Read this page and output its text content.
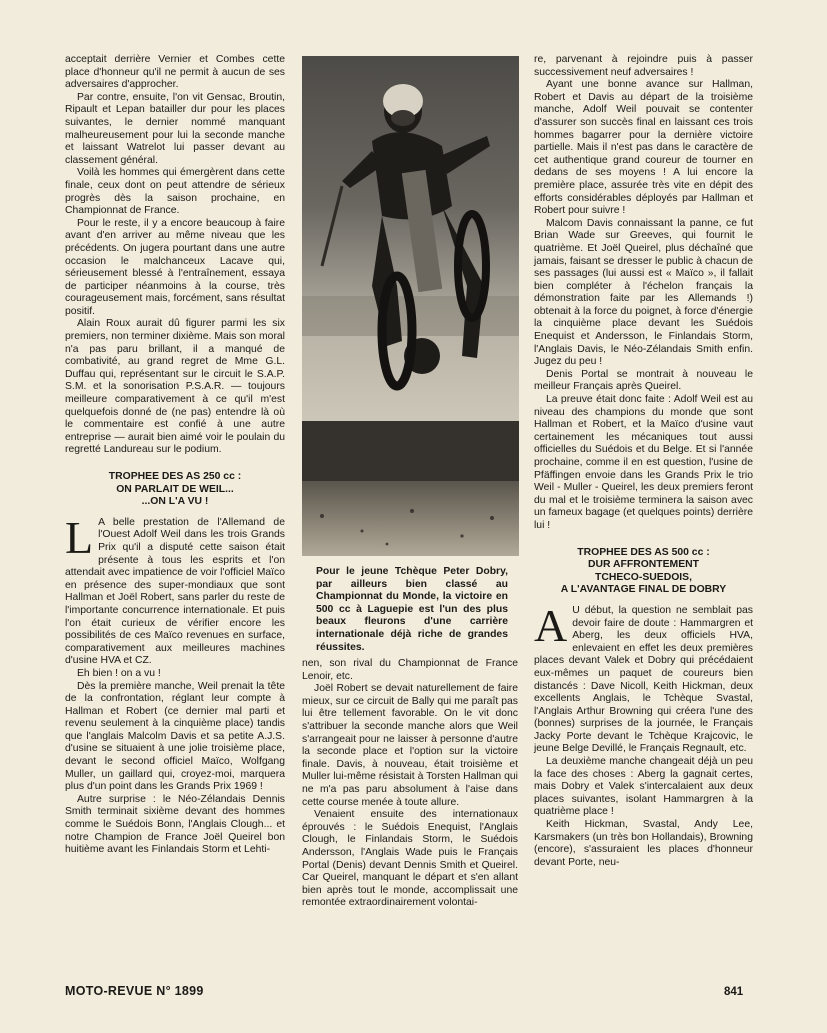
acceptait derrière Vernier et Combes cette place d'honneur qu'il ne permit à aucun de ses adversaires d'approcher.

Par contre, ensuite, l'on vit Gensac, Broutin, Ripault et Lepan batailler dur pour les places suivantes, le dernier nommé manquant malheureusement pour lui la seconde manche et laissant Watrelot lui passer devant au classement général.

Voilà les hommes qui émergèrent dans cette finale, ceux dont on peut attendre de sérieux progrès dès la saison prochaine, en Championnat de France.

Pour le reste, il y a encore beaucoup à faire avant d'en arriver au même niveau que les précédents. On jugera pourtant dans une autre occasion le malchanceux Lacave qui, sérieusement blessé à l'entraînement, essaya de participer néanmoins à la course, très courageusement mais, forcément, sans résultat positif.

Alain Roux aurait dû figurer parmi les six premiers, non terminer dixième. Mais son moral n'a pas paru brillant, il a manqué de combativité, au grand regret de Mme G.L. Duffau qui, représentant sur le circuit le S.A.P. S.M. et la sonorisation P.S.A.R. — toujours meilleure comparativement à ce qu'il m'est quelquefois donné de (ne pas) entendre là où le commentaire est confié à une autre entreprise — aurait bien aimé voir le poulain du regretté Landureau sur le podium.

TROPHEE DES AS 250 cc :
ON PARLAIT DE WEIL...
...ON L'A VU !

L A belle prestation de l'Allemand de l'Ouest Adolf Weil dans les trois Grands Prix qu'il a disputé cette saison était présente à tous les esprits et l'on attendait avec impatience de voir l'officiel Maïco en présence des super-mondiaux que sont Hallman et Joël Robert, sans parler du reste de l'importante concurrence internationale. Et puis l'on était curieux de vérifier encore les possibilités de ces Maïco revenues en surface, comparativement aux meilleures machines d'usine HVA et CZ.

Eh bien ! on a vu !

Dès la première manche, Weil prenait la tête de la confrontation, réglant leur compte à Hallman et Robert (ce dernier mal parti et revenu seulement à la cinquième place) tandis que l'anglais Malcolm Davis et sa petite A.J.S. d'usine se situaient à une jolie troisième place, devant le second officiel Maïco, Wolfgang Muller, un gaillard qui, croyez-moi, marquera plus d'un point dans les Grands Prix 1969 !

Autre surprise : le Néo-Zélandais Dennis Smith terminait sixième devant des hommes comme le Suédois Bonn, l'Anglais Clough... et notre Champion de France Joël Queirel bon huitième avant les Finlandais Storm et Lehti-

Pour le jeune Tchèque Peter Dobry, par ailleurs bien classé au Championnat du Monde, la victoire en 500 cc à Laguepie est l'un des plus beaux fleurons d'une carrière internationale déjà riche de grandes réussites.

nen, son rival du Championnat de France Lenoir, etc.

Joël Robert se devait naturellement de faire mieux, sur ce circuit de Bally qui me paraît pas lui être tellement favorable. On le vit donc s'attribuer la seconde manche alors que Weil s'arrangeait pour ne laisser à personne d'autre la seconde place et l'option sur la victoire finale. Davis, à nouveau, était troisième et Muller lui-même résistait à Torsten Hallman qui ne m'a pas paru absolument à l'aise dans cette course menée à toute allure.

Venaient ensuite des internationaux éprouvés : le Suédois Enequist, l'Anglais Clough, le Finlandais Storm, le Suédois Andersson, l'Anglais Wade puis le Français Portal (Denis) devant Dennis Smith et Queirel. Car Queirel, manquant le départ et s'en allant bien après tout le monde, accomplissait une remontée extraordinairement volontai-

re, parvenant à rejoindre puis à passer successivement neuf adversaires !

Ayant une bonne avance sur Hallman, Robert et Davis au départ de la troisième manche, Adolf Weil pouvait se contenter d'assurer son succès final en laissant ces trois hommes bagarrer pour la dernière victoire partielle. Mais il n'est pas dans le caractère de cet authentique grand coureur de tourner en dedans de ses moyens ! A lui encore la première place, assurée très vite en dépit des efforts considérables déployés par Hallman et Robert pour suivre !

Malcom Davis connaissant la panne, ce fut Brian Wade sur Greeves, qui fournit le quatrième. Et Joël Queirel, plus déchaîné que jamais, faisant se dresser le public à chacun de ses passages (lui aussi est « Maïco », il fallait bien compléter à l'échelon français la démonstration faite par les Allemands !) obtenait à la force du poignet, à force d'énergie la cinquième place devant les Suédois Enequist et Andersson, le Finlandais Storm, l'Anglais Davis, le Néo-Zélandais Smith enfin. Jugez du peu !

Denis Portal se montrait à nouveau le meilleur Français après Queirel.

La preuve était donc faite : Adolf Weil est au niveau des champions du monde que sont Hallman et Robert, et la Maïco d'usine vaut certainement les mécaniques tout aussi officielles du Suédois et du Belge. Et si l'année prochaine, comme il en est question, l'usine de Pfäffingen envoie dans les Grands Prix le trio Weil - Muller - Queirel, les deux premiers feront du mal et le troisième terminera la saison avec un fameux bagage (et quelques points) derrière lui !

TROPHEE DES AS 500 cc :
DUR AFFRONTEMENT
TCHECO-SUEDOIS,
A L'AVANTAGE FINAL DE DOBRY

A U début, la question ne semblait pas devoir faire de doute : Hammargren et Aberg, les deux officiels HVA, enlevaient en effet les deux premières places devant Valek et Dobry qui précédaient eux-mêmes un paquet de coureurs bien distancés : Dave Nicoll, Keith Hickman, deux excellents Anglais, le Tchèque Svastal, l'Anglais Arthur Browning qui créera l'une des (bonnes) surprises de la journée, le Français Jacky Porte devant le Tchèque Krajcovic, le jeune Belge Devillé, le Français Regnault, etc.

La deuxième manche changeait déjà un peu la face des choses : Aberg la gagnait certes, mais Dobry et Valek s'intercalaient aux deux places suivantes, isolant Hammargren à la quatrième place !

Keith Hickman, Svastal, Andy Lee, Karsmakers (un très bon Hollandais), Browning (encore), s'assuraient les places d'honneur devant Porte, neu-

MOTO-REVUE N° 1899	841
